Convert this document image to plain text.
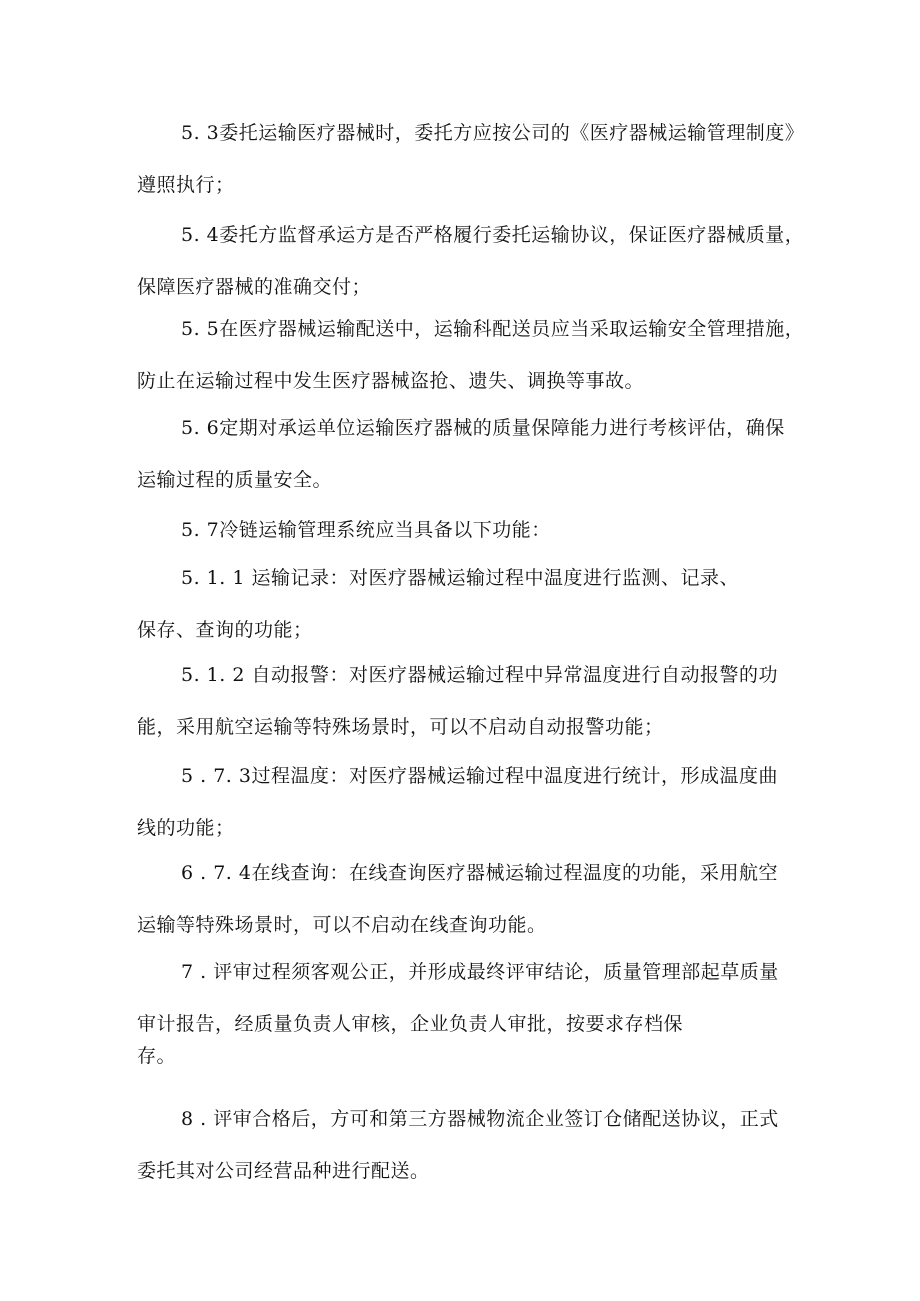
5. 3委托运输医疗器械时，委托方应按公司的《医疗器械运输管理制度》
遵照执行；

5. 4委托方监督承运方是否严格履行委托运输协议，保证医疗器械质量，
保障医疗器械的准确交付；

5. 5在医疗器械运输配送中，运输科配送员应当采取运输安全管理措施，
防止在运输过程中发生医疗器械盗抢、遗失、调换等事故。

5. 6定期对承运单位运输医疗器械的质量保障能力进行考核评估，确保
运输过程的质量安全。

5. 7冷链运输管理系统应当具备以下功能：

5. 1. 1 运输记录：对医疗器械运输过程中温度进行监测、记录、
保存、查询的功能；

5. 1. 2 自动报警：对医疗器械运输过程中异常温度进行自动报警的功
能，采用航空运输等特殊场景时，可以不启动自动报警功能；

5 . 7. 3过程温度：对医疗器械运输过程中温度进行统计，形成温度曲
线的功能；

6 . 7. 4在线查询：在线查询医疗器械运输过程温度的功能，采用航空
运输等特殊场景时，可以不启动在线查询功能。

7 . 评审过程须客观公正，并形成最终评审结论，质量管理部起草质量
审计报告，经质量负责人审核，企业负责人审批，按要求存档保
存。

8 . 评审合格后，方可和第三方器械物流企业签订仓储配送协议，正式
委托其对公司经营品种进行配送。
